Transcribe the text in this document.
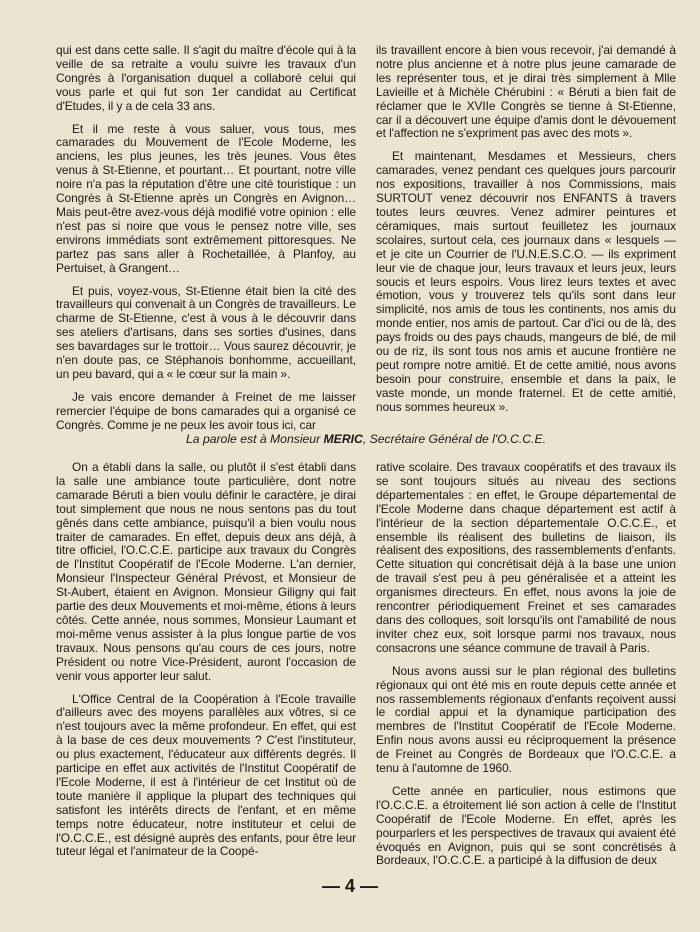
qui est dans cette salle. Il s'agit du maître d'école qui à la veille de sa retraite a voulu suivre les travaux d'un Congrès à l'organisation duquel a collaboré celui qui vous parle et qui fut son 1er candidat au Certificat d'Etudes, il y a de cela 33 ans.

Et il me reste à vous saluer, vous tous, mes camarades du Mouvement de l'Ecole Moderne, les anciens, les plus jeunes, les très jeunes. Vous êtes venus à St-Etienne, et pourtant… Et pourtant, notre ville noire n'a pas la réputation d'être une cité touristique : un Congrès à St-Etienne après un Congrès en Avignon… Mais peut-être avez-vous déjà modifié votre opinion : elle n'est pas si noire que vous le pensez notre ville, ses environs immédiats sont extrêmement pittoresques. Ne partez pas sans aller à Rochetaillée, à Planfoy, au Pertuiset, à Grangent…

Et puis, voyez-vous, St-Etienne était bien la cité des travailleurs qui convenait à un Congrès de travailleurs. Le charme de St-Etienne, c'est à vous à le découvrir dans ses ateliers d'artisans, dans ses sorties d'usines, dans ses bavardages sur le trottoir… Vous saurez découvrir, je n'en doute pas, ce Stéphanois bonhomme, accueillant, un peu bavard, qui a « le cœur sur la main ».

Je vais encore demander à Freinet de me laisser remercier l'équipe de bons camarades qui a organisé ce Congrès. Comme je ne peux les avoir tous ici, car

ils travaillent encore à bien vous recevoir, j'ai demandé à notre plus ancienne et à notre plus jeune camarade de les représenter tous, et je dirai très simplement à Mlle Lavieille et à Michèle Chérubini : « Béruti a bien fait de réclamer que le XVIIe Congrès se tienne à St-Etienne, car il a découvert une équipe d'amis dont le dévouement et l'affection ne s'expriment pas avec des mots ».

Et maintenant, Mesdames et Messieurs, chers camarades, venez pendant ces quelques jours parcourir nos expositions, travailler à nos Commissions, mais SURTOUT venez découvrir nos ENFANTS à travers toutes leurs œuvres. Venez admirer peintures et céramiques, mais surtout feuilletez les journaux scolaires, surtout cela, ces journaux dans « lesquels — et je cite un Courrier de l'U.N.E.S.C.O. — ils expriment leur vie de chaque jour, leurs travaux et leurs jeux, leurs soucis et leurs espoirs. Vous lirez leurs textes et avec émotion, vous y trouverez tels qu'ils sont dans leur simplicité, nos amis de tous les continents, nos amis du monde entier, nos amis de partout. Car d'ici ou de là, des pays froids ou des pays chauds, mangeurs de blé, de mil ou de riz, ils sont tous nos amis et aucune frontière ne peut rompre notre amitié. Et de cette amitié, nous avons besoin pour construire, ensemble et dans la paix, le vaste monde, un monde fraternel. Et de cette amitié, nous sommes heureux ».

La parole est à Monsieur MERIC, Secrétaire Général de l'O.C.C.E.

On a établi dans la salle, ou plutôt il s'est établi dans la salle une ambiance toute particulière, dont notre camarade Béruti a bien voulu définir le caractère, je dirai tout simplement que nous ne nous sentons pas du tout gênés dans cette ambiance, puisqu'il a bien voulu nous traiter de camarades. En effet, depuis deux ans déjà, à titre officiel, l'O.C.C.E. participe aux travaux du Congrès de l'Institut Coopératif de l'Ecole Moderne. L'an dernier, Monsieur l'Inspecteur Général Prévost, et Monsieur de St-Aubert, étaient en Avignon. Monsieur Giligny qui fait partie des deux Mouvements et moi-même, étions à leurs côtés. Cette année, nous sommes, Monsieur Laumant et moi-même venus assister à la plus longue partie de vos travaux. Nous pensons qu'au cours de ces jours, notre Président ou notre Vice-Président, auront l'occasion de venir vous apporter leur salut.

L'Office Central de la Coopération à l'Ecole travaille d'ailleurs avec des moyens parallèles aux vôtres, si ce n'est toujours avec la même profondeur. En effet, qui est à la base de ces deux mouvements ? C'est l'instituteur, ou plus exactement, l'éducateur aux différents degrés. Il participe en effet aux activités de l'Institut Coopératif de l'Ecole Moderne, il est à l'intérieur de cet Institut où de toute manière il applique la plupart des techniques qui satisfont les intérêts directs de l'enfant, et en même temps notre éducateur, notre instituteur et celui de l'O.C.C.E., est désigné auprès des enfants, pour être leur tuteur légal et l'animateur de la Coopé-

rative scolaire. Des travaux coopératifs et des travaux ils se sont toujours situés au niveau des sections départementales : en effet, le Groupe départemental de l'Ecole Moderne dans chaque département est actif à l'intérieur de la section départementale O.C.C.E., et ensemble ils réalisent des bulletins de liaison, ils réalisent des expositions, des rassemblements d'enfants. Cette situation qui concrétisait déjà à la base une union de travail s'est peu à peu généralisée et a atteint les organismes directeurs. En effet, nous avons la joie de rencontrer périodiquement Freinet et ses camarades dans des colloques, soit lorsqu'ils ont l'amabilité de nous inviter chez eux, soit lorsque parmi nos travaux, nous consacrons une séance commune de travail à Paris.

Nous avons aussi sur le plan régional des bulletins régionaux qui ont été mis en route depuis cette année et nos rassemblements régionaux d'enfants reçoivent aussi le cordial appui et la dynamique participation des membres de l'Institut Coopératif de l'Ecole Moderne. Enfin nous avons aussi eu réciproquement la présence de Freinet au Congrès de Bordeaux que l'O.C.C.E. a tenu à l'automne de 1960.

Cette année en particulier, nous estimons que l'O.C.C.E. a étroitement lié son action à celle de l'Institut Coopératif de l'Ecole Moderne. En effet, après les pourparlers et les perspectives de travaux qui avaient été évoqués en Avignon, puis qui se sont concrétisés à Bordeaux, l'O.C.C.E. a participé à la diffusion de deux

— 4 —
